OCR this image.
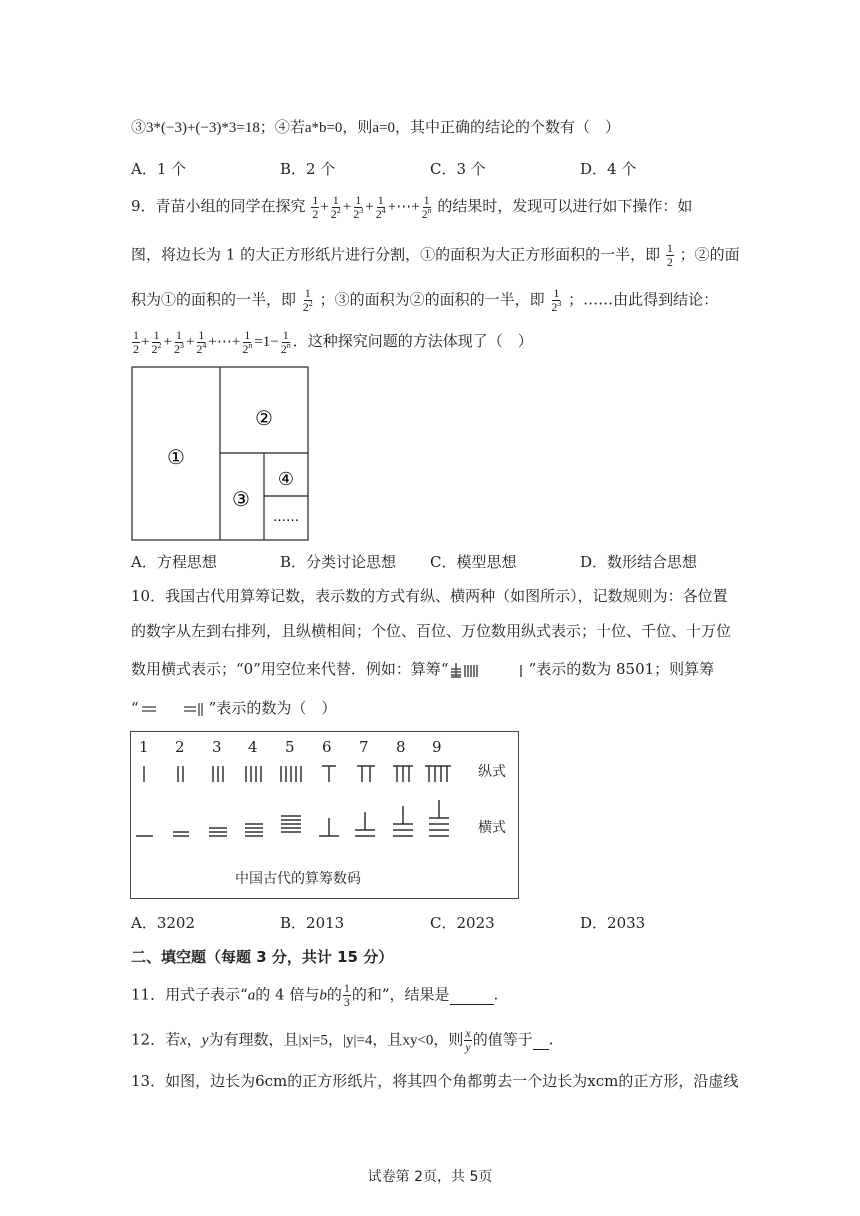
③3*(−3)+(−3)*3=18；④若a*b=0，则a=0，其中正确的结论的个数有（　）
A．1 个	B．2 个	C．3 个	D．4 个
9．青苗小组的同学在探究 $\frac{1}{2} + \frac{1}{2^2} + \frac{1}{2^3} + \frac{1}{2^4}$ +⋯+ $\frac{1}{2^n}$ 的结果时，发现可以进行如下操作：如
图，将边长为 1 的大正方形纸片进行分割，①的面积为大正方形面积的一半，即 $\frac{1}{2}$ ；②的面
积为①的面积的一半，即 $\frac{1}{2^2}$ ；③的面积为②的面积的一半，即 $\frac{1}{2^3}$ ；……由此得到结论：
$\frac{1}{2} + \frac{1}{2^2} + \frac{1}{2^3} + \frac{1}{2^4}$ +⋯+ $\frac{1}{2^n} =1- \frac{1}{2^n}$ ．这种探究问题的方法体现了（　）
①
②
③
④
……
A．方程思想	B．分类讨论思想 C．模型思想	D．数形结合思想
10．我国古代用算筹记数，表示数的方式有纵、横两种（如图所示），记数规则为：各位置
的数字从左到右排列，且纵横相间；个位、百位、万位数用纵式表示；十位、千位、十万位
数用横式表示；“0”用空位来代替．例如：算筹“	”表示的数为 8501；则算筹
“	”表示的数为（　）
1 2 3 4 5 6 7 8 9
纵式
横式
中国古代的算筹数码
A．3202	B．2013	C．2023	D．2033
二、填空题（每题 3 分，共计 15 分）
11．用式子表示“a的 4 倍与b的 $\frac{1}{3}$ 的和”，结果是	.
12．若x，y为有理数，且|x|=5，|y|=4，且xy<0，则 $\frac{x}{y}$ 的值等于 .
13．如图，边长为6cm的正方形纸片，将其四个角都剪去一个边长为xcm的正方形，沿虚线
试卷第 2页，共 5页
